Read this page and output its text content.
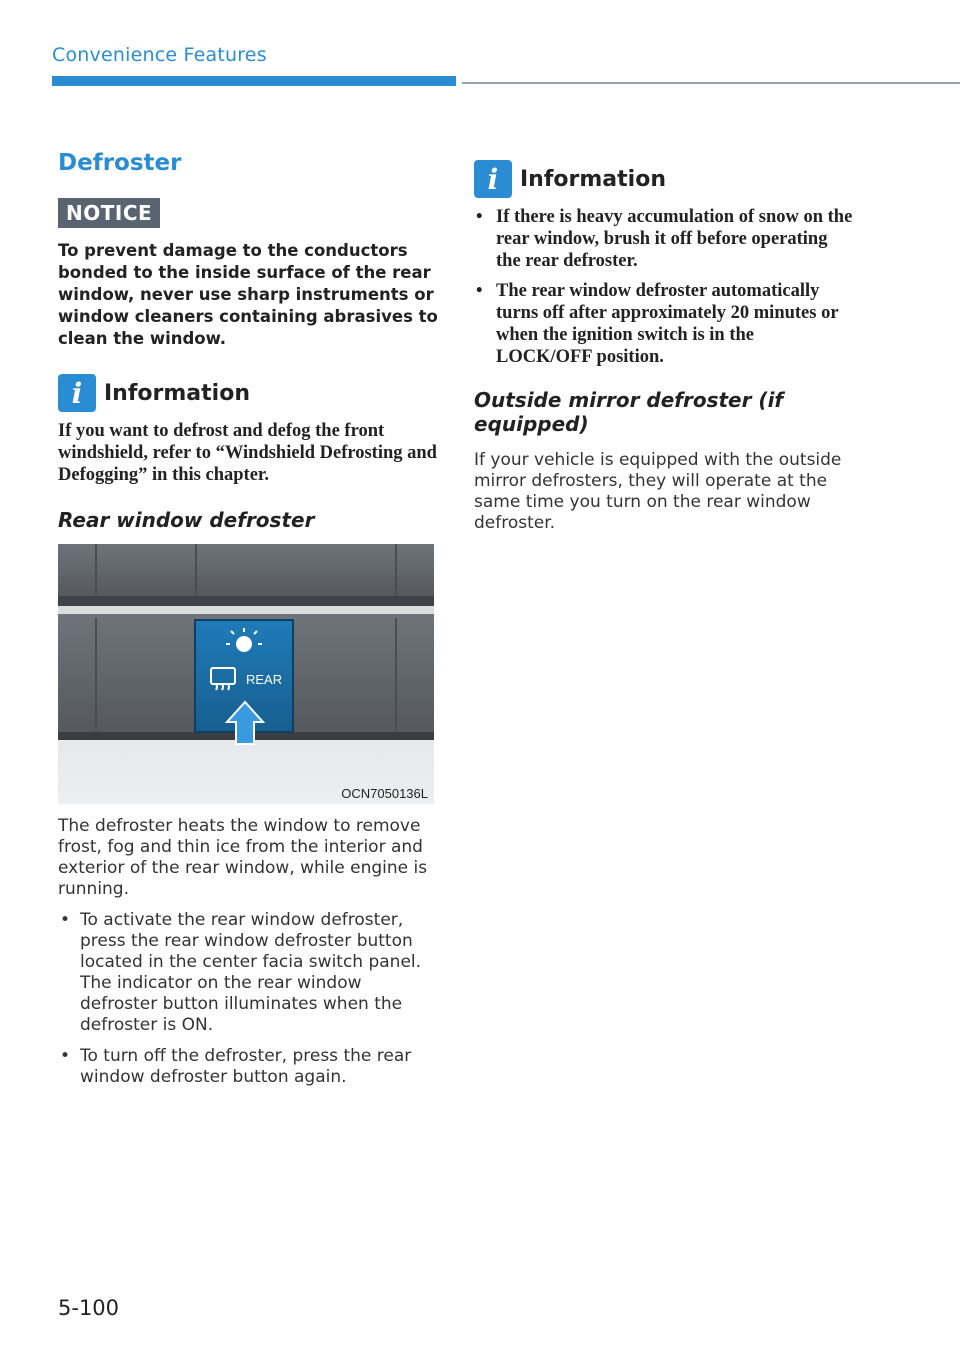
Convenience Features
Defroster
NOTICE
To prevent damage to the conductors bonded to the inside surface of the rear window, never use sharp instruments or window cleaners containing abrasives to clean the window.
i Information
If you want to defrost and defog the front windshield, refer to “Windshield Defrosting and Defogging” in this chapter.
Rear window defroster
REAR
OCN7050136L
The defroster heats the window to remove frost, fog and thin ice from the interior and exterior of the rear window, while engine is running.
• To activate the rear window defroster, press the rear window defroster button located in the center facia switch panel. The indicator on the rear window defroster button illuminates when the defroster is ON.
• To turn off the defroster, press the rear window defroster button again.
i Information
• If there is heavy accumulation of snow on the rear window, brush it off before operating the rear defroster.
• The rear window defroster automatically turns off after approximately 20 minutes or when the ignition switch is in the LOCK/OFF position.
Outside mirror defroster (if equipped)
If your vehicle is equipped with the outside mirror defrosters, they will operate at the same time you turn on the rear window defroster.
5-100
